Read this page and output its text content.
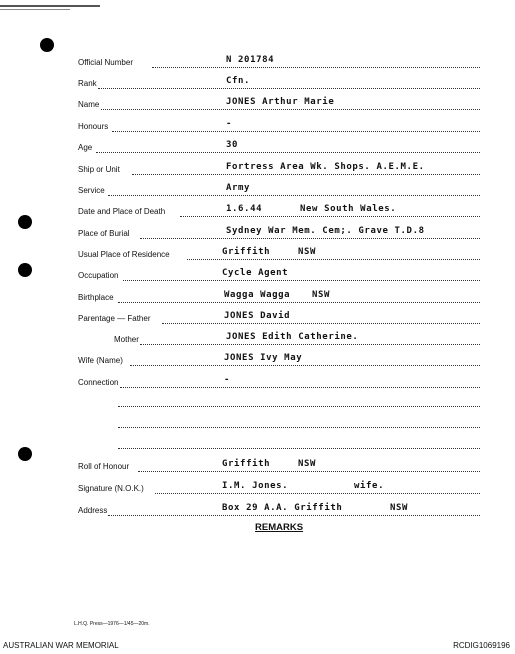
Official Number	N 201784
Rank	Cfn.
Name	JONES Arthur Marie
Honours	-
Age	30
Ship or Unit	Fortress Area Wk. Shops. A.E.M.E.
Service	Army
Date and Place of Death	1.6.44	New South Wales.
Place of Burial	Sydney War Mem. Cem;. Grave T.D.8
Usual Place of Residence	Griffith	NSW
Occupation	Cycle Agent
Birthplace	Wagga Wagga NSW
Parentage — Father	JONES David
Mother	JONES Edith Catherine.
Wife (Name)	JONES Ivy May
Connection	-
Roll of Honour	Griffith	NSW
Signature (N.O.K.)	I.M. Jones.	wife.
Address	Box 29 A.A. Griffith	NSW
REMARKS
L.H.Q. Press—1976—1/45—20m.
AUSTRALIAN WAR MEMORIAL	RCDIG1069196
